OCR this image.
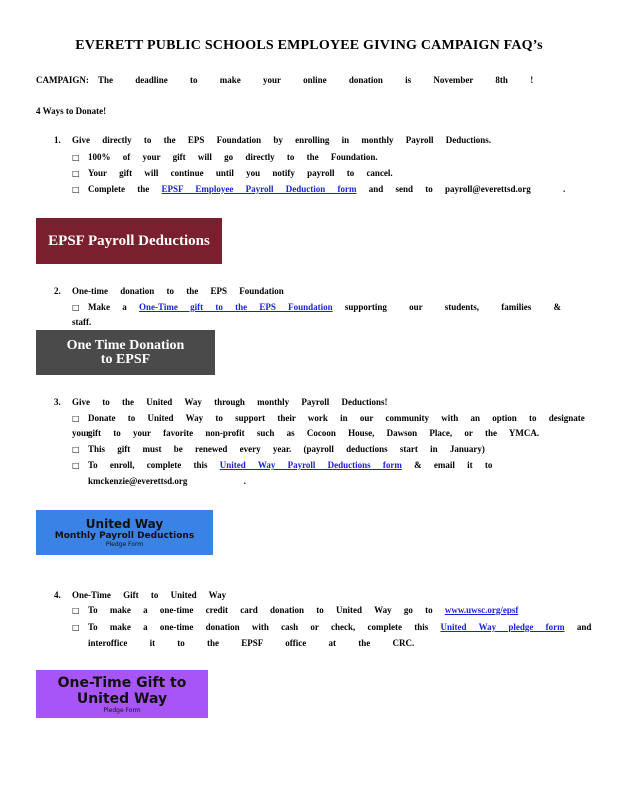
EVERETT PUBLIC SCHOOLS EMPLOYEE GIVING CAMPAIGN FAQ’s
CAMPAIGN: The deadline to make your online donation is November 8th !
4 Ways to Donate!
1. Give directly to the EPS Foundation by enrolling in monthly Payroll Deductions.
□ 100% of your gift will go directly to the Foundation.
□ Your gift will continue until you notify payroll to cancel.
□ Complete the EPSF Employee Payroll Deduction form and send to payroll@everettsd.org	.
EPSF Payroll Deductions
2. One-time donation to the EPS Foundation
□ Make a One-Time gift to the EPS Foundation supporting our students, families & staff.
One Time Donation
to EPSF
3. Give to the United Way through monthly Payroll Deductions!
□ Donate to United Way to support their work in our community with an option to designate your
gift to your favorite non-profit such as Cocoon House, Dawson Place, or the YMCA.
□ This gift must be renewed every year. (payroll deductions start in January)
□ To enroll, complete this United Way Payroll Deductions form & email it to
kmckenzie@everettsd.org	.
United Way
Monthly Payroll Deductions
Pledge Form
4. One-Time Gift to United Way
□ To make a one-time credit card donation to United Way go to www.uwsc.org/epsf
□ To make a one-time donation with cash or check, complete this United Way pledge form and
interoffice it to the EPSF office at the CRC.
One-Time Gift to
United Way
Pledge Form
